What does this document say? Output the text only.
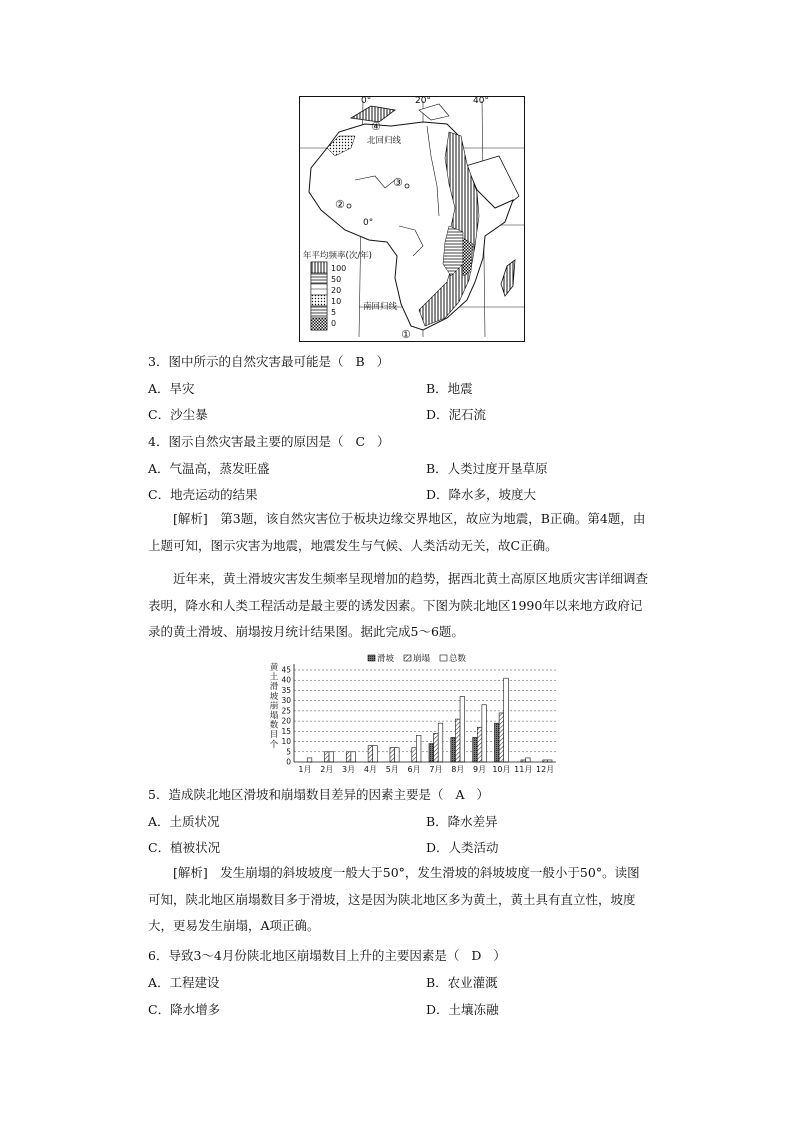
0°	20°	40°
④
北回归线
③
②
0°
年平均频率(次/年)
100
50
20
10
5
0
南回归线
①
3．图中所示的自然灾害最可能是（ B ）
A．旱灾	B．地震
C．沙尘暴	D．泥石流
4．图示自然灾害最主要的原因是（ C ）
A．气温高，蒸发旺盛	B．人类过度开垦草原
C．地壳运动的结果	D．降水多，坡度大
[解析]　第3题，该自然灾害位于板块边缘交界地区，故应为地震，B正确。第4题，由上题可知，图示灾害为地震，地震发生与气候、人类活动无关，故C正确。
近年来，黄土滑坡灾害发生频率呈现增加的趋势，据西北黄土高原区地质灾害详细调查表明，降水和人类工程活动是最主要的诱发因素。下图为陕北地区1990年以来地方政府记录的黄土滑坡、崩塌按月统计结果图。据此完成5～6题。
0
5
10
15
20
25
30
35
40
45
黄
土
滑
坡
崩
塌
数
目
个
1月 2月 3月 4月 5月 6月 7月 8月 9月 10月 11月 12月
滑坡 崩塌 总数
5．造成陕北地区滑坡和崩塌数目差异的因素主要是（ A ）
A．土质状况	B．降水差异
C．植被状况	D．人类活动
[解析]　发生崩塌的斜坡坡度一般大于50°，发生滑坡的斜坡坡度一般小于50°。读图可知，陕北地区崩塌数目多于滑坡，这是因为陕北地区多为黄土，黄土具有直立性，坡度大，更易发生崩塌，A项正确。
6．导致3～4月份陕北地区崩塌数目上升的主要因素是（ D ）
A．工程建设	B．农业灌溉
C．降水增多	D．土壤冻融
